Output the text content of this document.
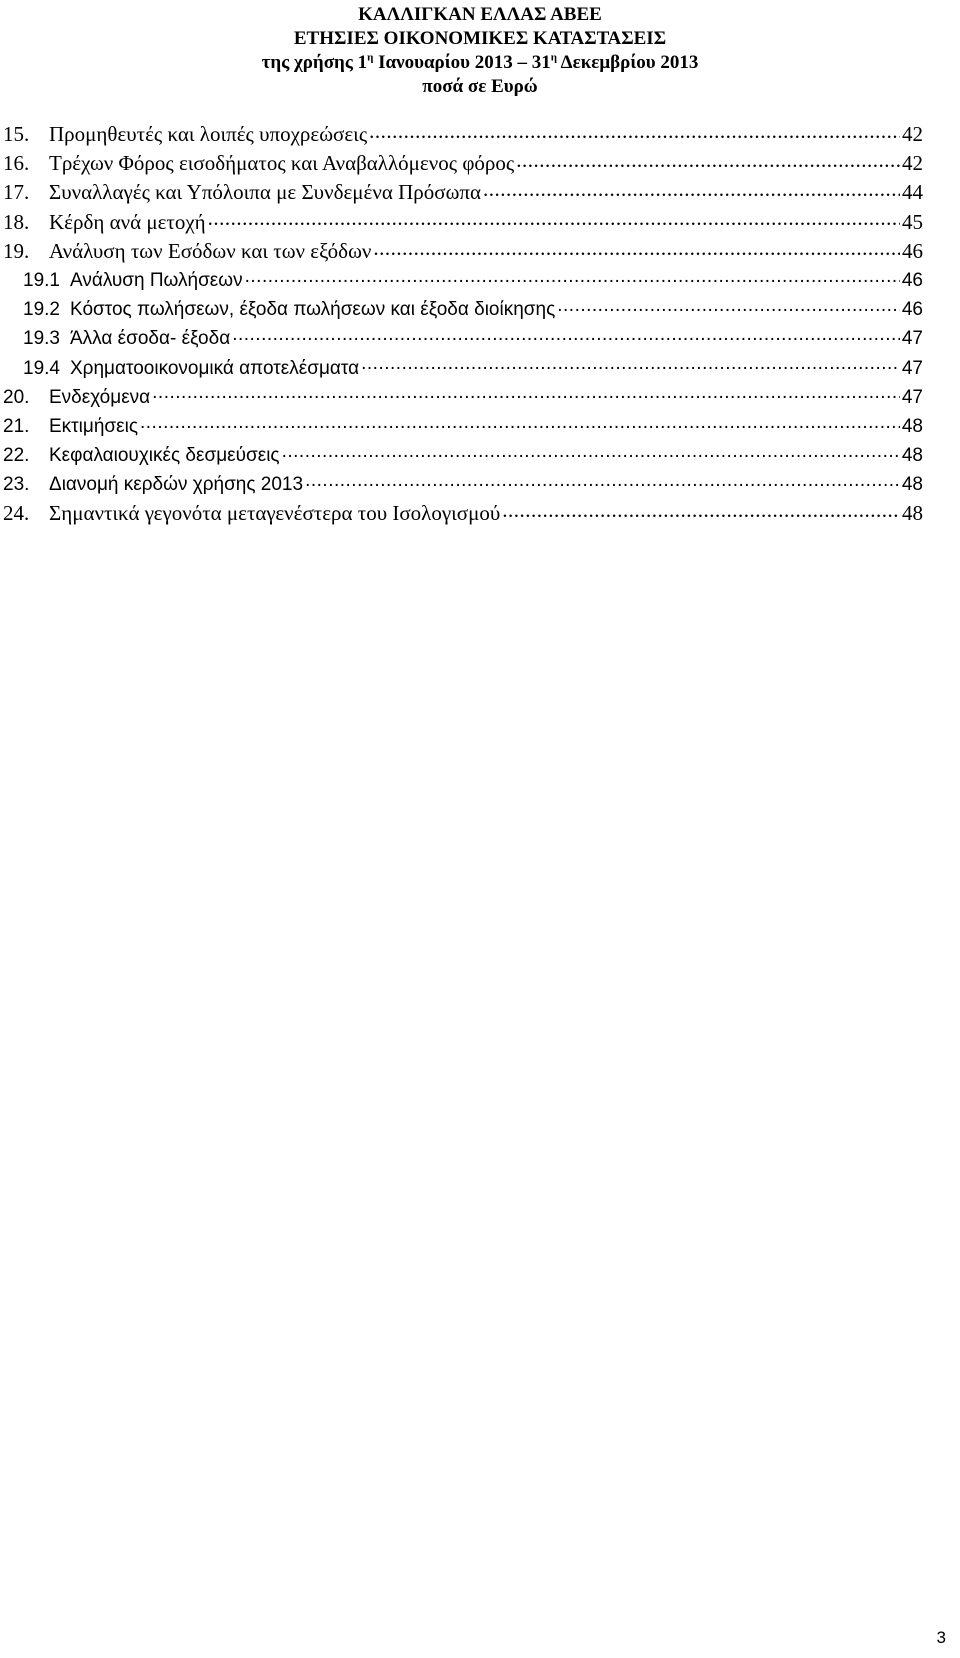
ΚΑΛΛΙΓΚΑΝ ΕΛΛΑΣ ΑΒΕΕ
ΕΤΗΣΙΕΣ ΟΙΚΟΝΟΜΙΚΕΣ ΚΑΤΑΣΤΑΣΕΙΣ
της χρήσης $1^\eta$ Ιανουαρίου $2013 - 31^\eta$ Δεκεμβρίου 2013
ποσά σε Ευρώ
15. Προμηθευτές και λοιπές υποχρεώσεις .....	42
16. Τρέχων Φόρος εισοδήματος και Αναβαλλόμενος φόρος .....	42
17. Συναλλαγές και Υπόλοιπα με Συνδεμένα Πρόσωπα .....	44
18. Κέρδη ανά μετοχή .....	45
19. Ανάλυση των Εσόδων και των εξόδων .....	46
19.1 Ανάλυση Πωλήσεων .....	46
19.2 Κόστος πωλήσεων, έξοδα πωλήσεων και έξοδα διοίκησης .....	46
19.3 Άλλα έσοδα- έξοδα .....	47
19.4 Χρηματοοικονομικά αποτελέσματα .....	47
20.	Ενδεχόμενα .....	47
21.	Εκτιμήσεις .....	48
22.	Κεφαλαιουχικές δεσμεύσεις .....	48
23.	Διανομή κερδών χρήσης 2013 .....	48
24. Σημαντικά γεγονότα μεταγενέστερα του Ισολογισμού .....	48
3
